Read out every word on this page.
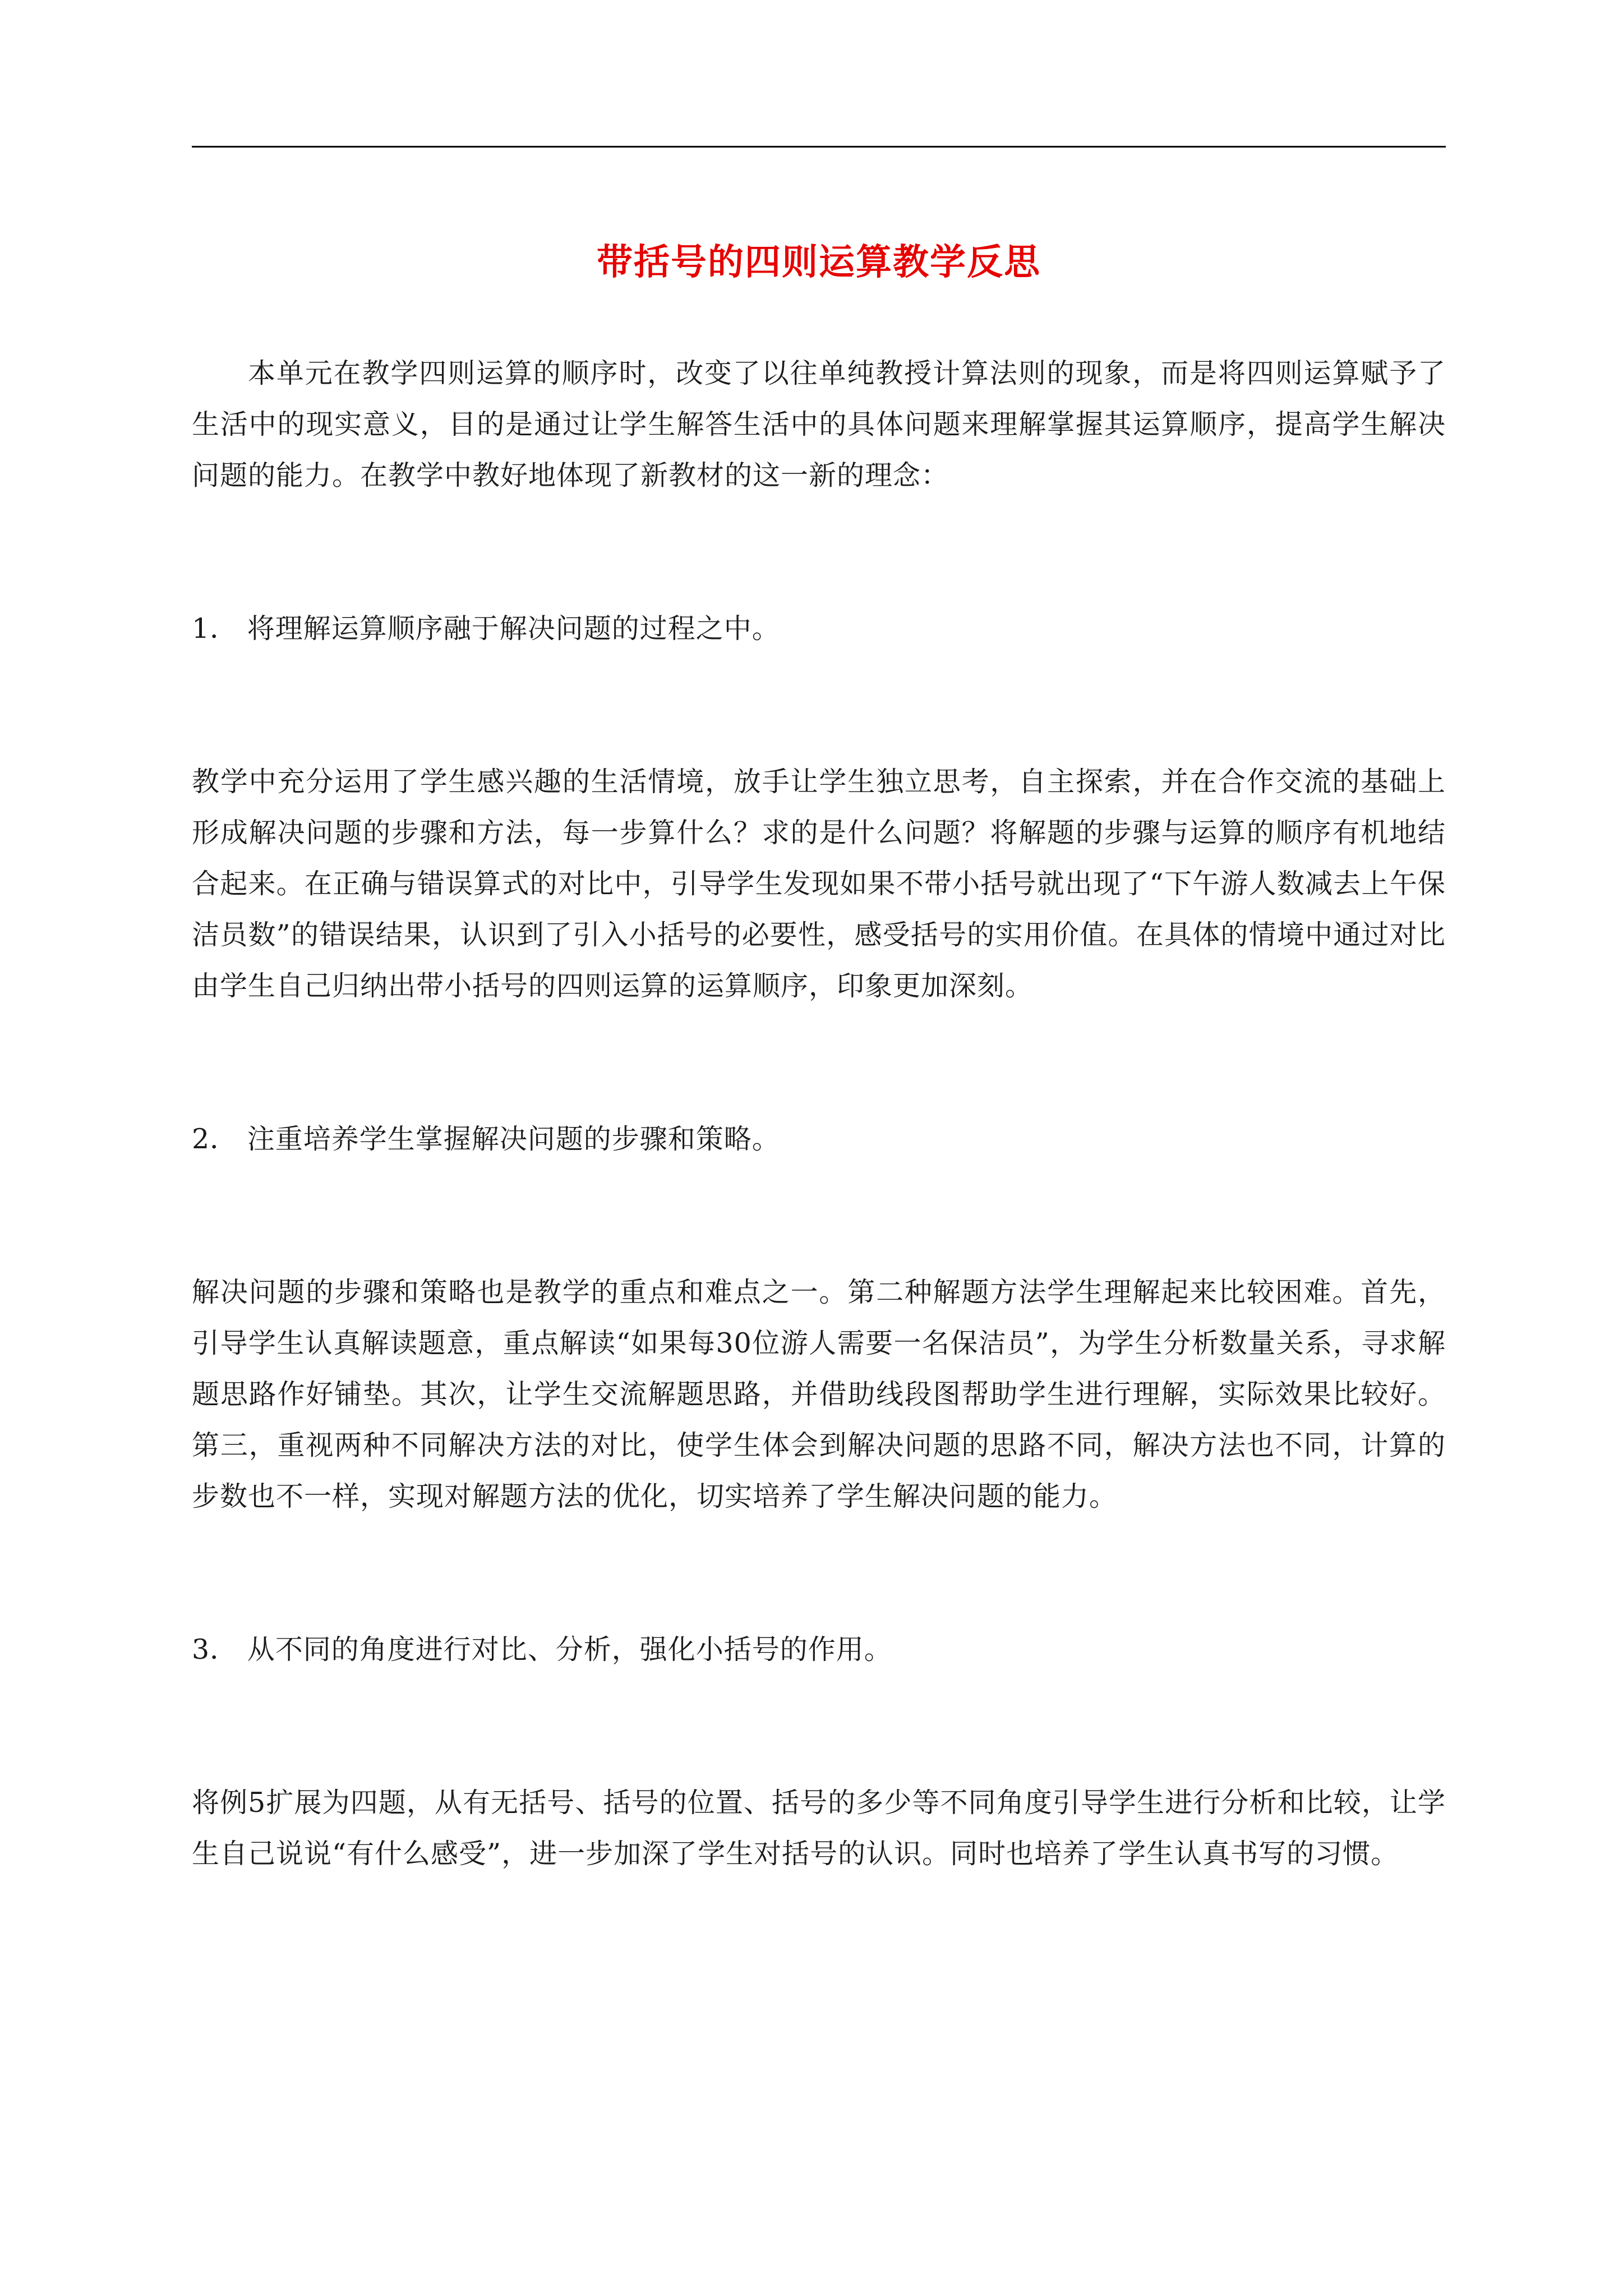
带括号的四则运算教学反思

本单元在教学四则运算的顺序时，改变了以往单纯教授计算法则的现象，而是将四则运算赋予了生活中的现实意义，目的是通过让学生解答生活中的具体问题来理解掌握其运算顺序，提高学生解决问题的能力。在教学中教好地体现了新教材的这一新的理念：

1． 将理解运算顺序融于解决问题的过程之中。

教学中充分运用了学生感兴趣的生活情境，放手让学生独立思考，自主探索，并在合作交流的基础上形成解决问题的步骤和方法，每一步算什么？求的是什么问题？将解题的步骤与运算的顺序有机地结合起来。在正确与错误算式的对比中，引导学生发现如果不带小括号就出现了“下午游人数减去上午保洁员数”的错误结果，认识到了引入小括号的必要性，感受括号的实用价值。在具体的情境中通过对比由学生自己归纳出带小括号的四则运算的运算顺序，印象更加深刻。

2． 注重培养学生掌握解决问题的步骤和策略。

解决问题的步骤和策略也是教学的重点和难点之一。第二种解题方法学生理解起来比较困难。首先，引导学生认真解读题意，重点解读“如果每30位游人需要一名保洁员”，为学生分析数量关系，寻求解题思路作好铺垫。其次，让学生交流解题思路，并借助线段图帮助学生进行理解，实际效果比较好。第三，重视两种不同解决方法的对比，使学生体会到解决问题的思路不同，解决方法也不同，计算的步数也不一样，实现对解题方法的优化，切实培养了学生解决问题的能力。

3． 从不同的角度进行对比、分析，强化小括号的作用。

将例5扩展为四题，从有无括号、括号的位置、括号的多少等不同角度引导学生进行分析和比较，让学生自己说说“有什么感受”，进一步加深了学生对括号的认识。同时也培养了学生认真书写的习惯。
